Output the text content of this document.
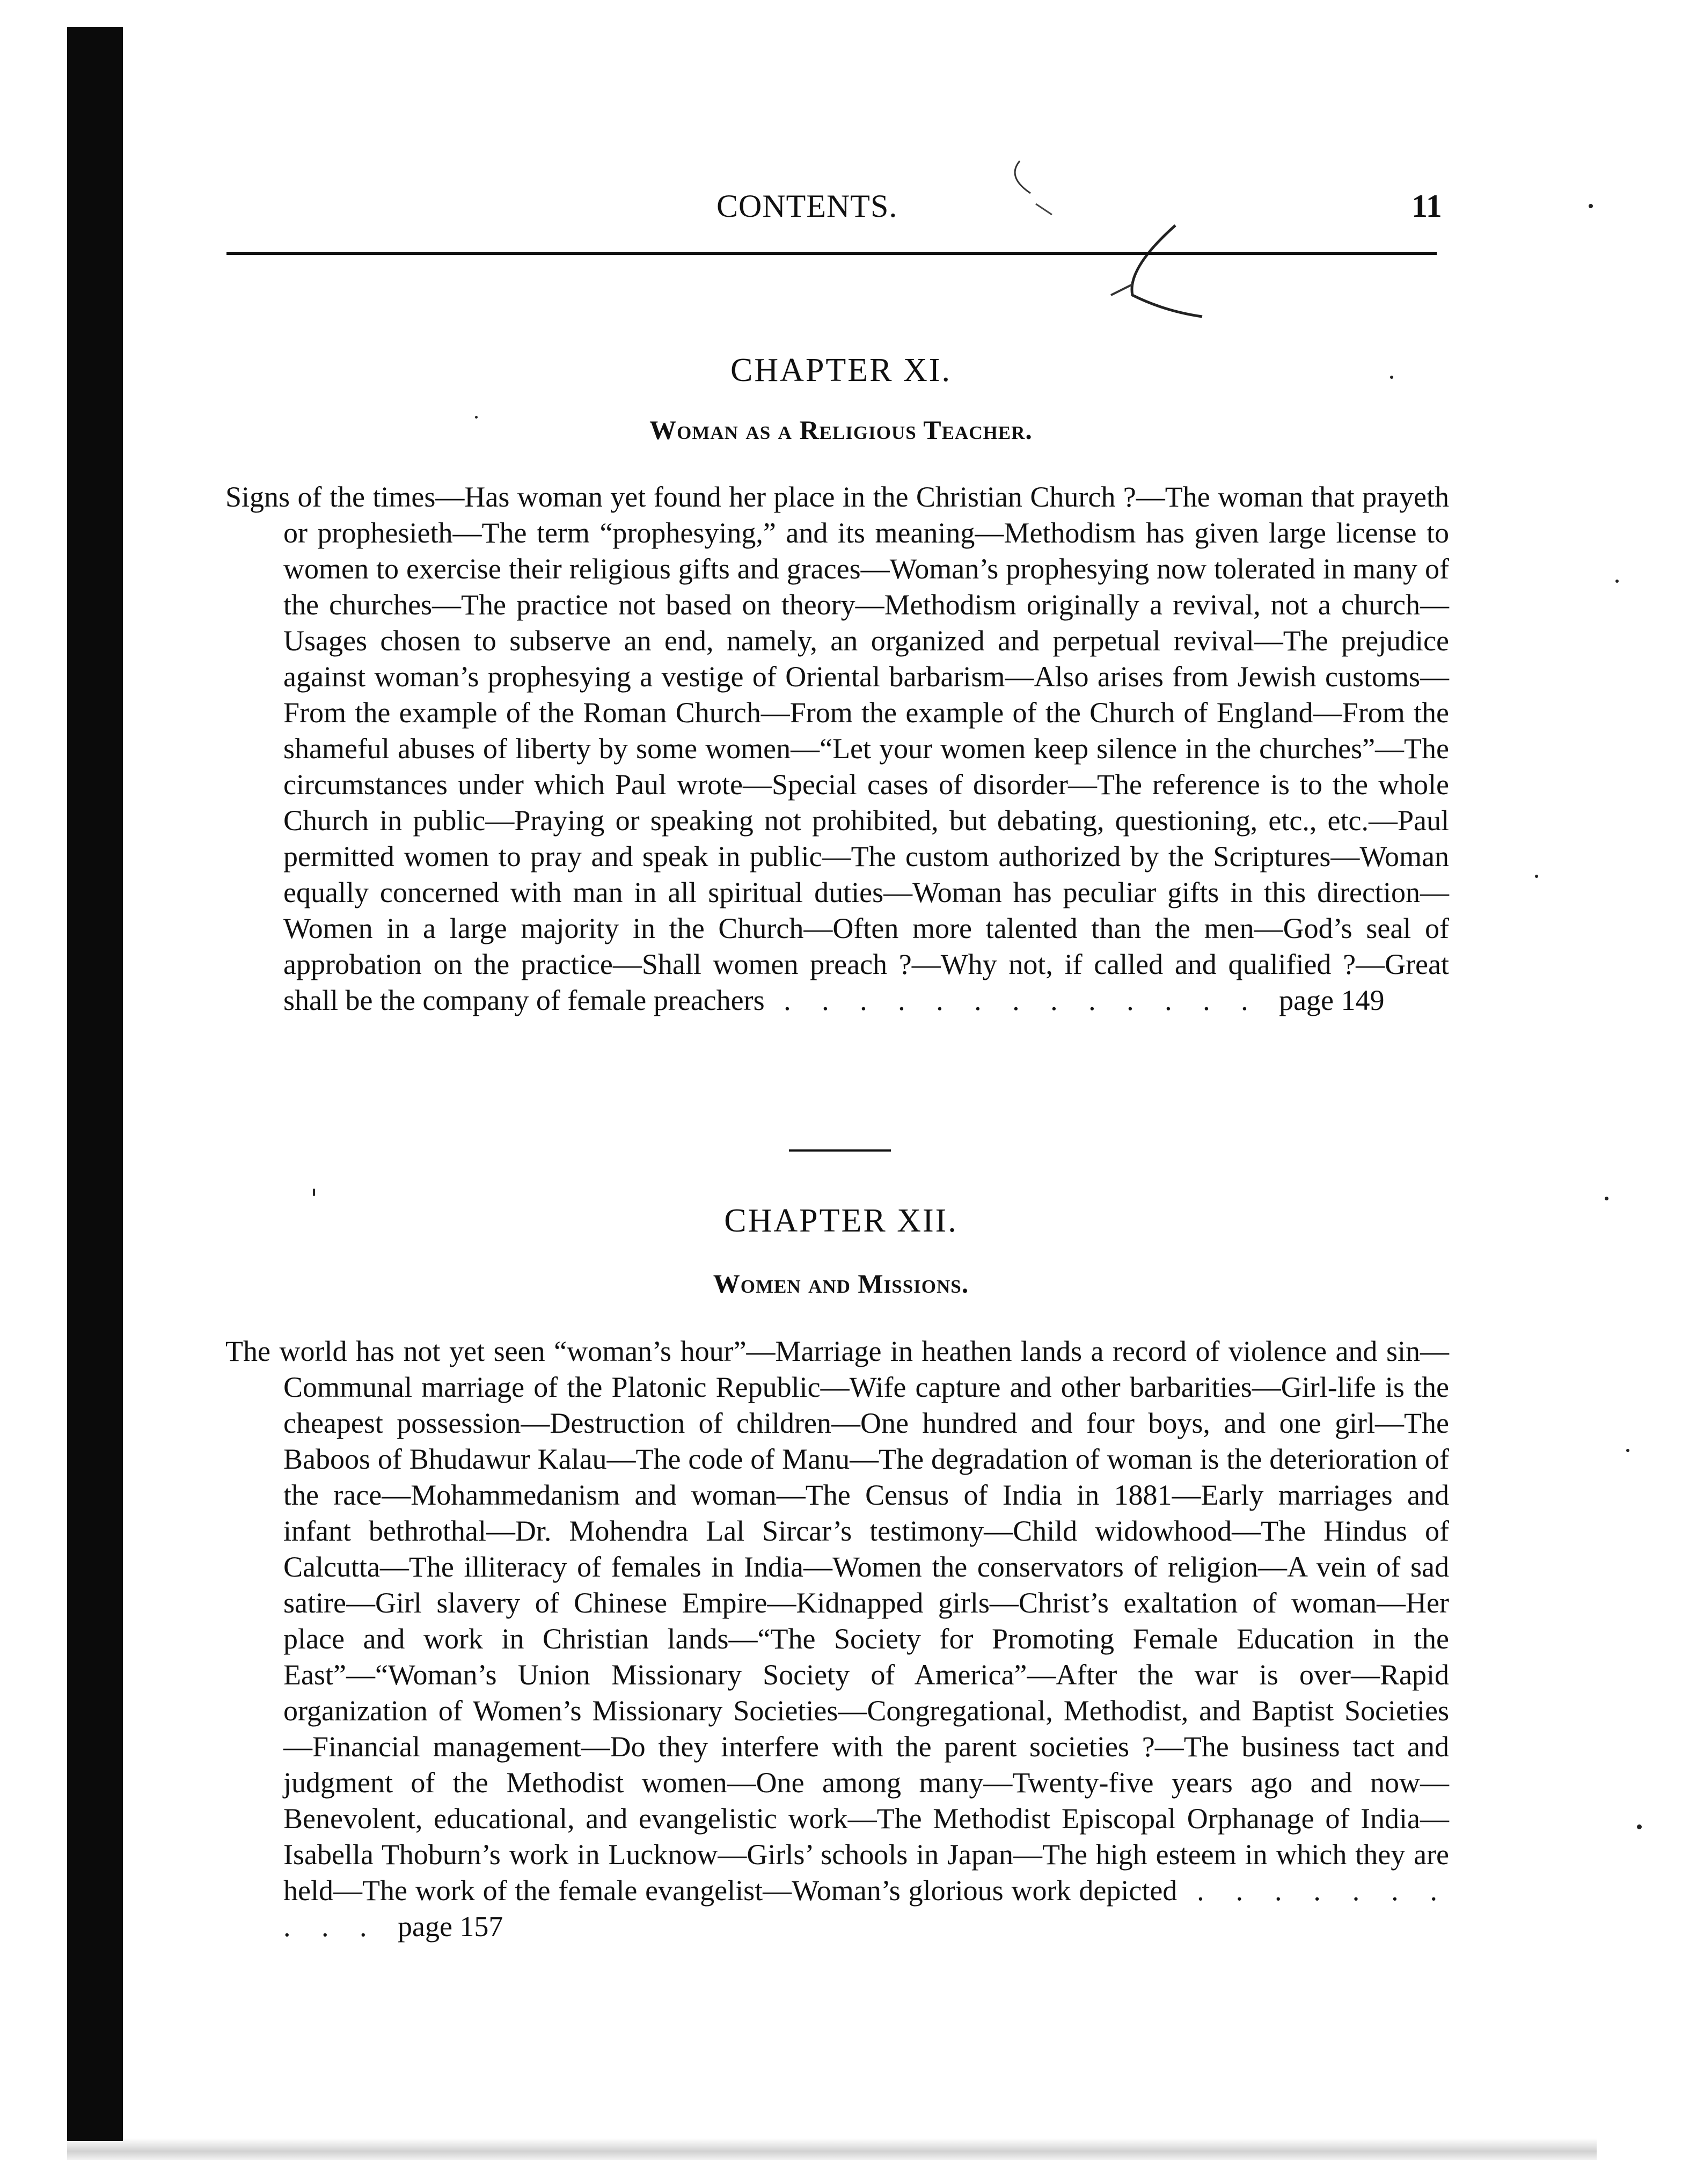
CONTENTS.	11
CHAPTER XI.
Woman as a Religious Teacher.
Signs of the times—Has woman yet found her place in the Christian Church ?—The woman that prayeth or prophesieth—The term “prophesying,” and its meaning—Methodism has given large license to women to exercise their religious gifts and graces—Woman’s prophesying now tolerated in many of the churches—The practice not based on theory—Methodism originally a revival, not a church—Usages chosen to subserve an end, namely, an organized and perpetual revival—The prejudice against woman’s prophesying a vestige of Oriental barbarism—Also arises from Jewish customs—From the example of the Roman Church—From the example of the Church of England—From the shameful abuses of liberty by some women—“Let your women keep silence in the churches”—The circumstances under which Paul wrote—Special cases of disorder—The reference is to the whole Church in public—Praying or speaking not prohibited, but debating, questioning, etc., etc.—Paul permitted women to pray and speak in public—The custom authorized by the Scriptures—Woman equally concerned with man in all spiritual duties—Woman has peculiar gifts in this direction—Women in a large majority in the Church—Often more talented than the men—God’s seal of approbation on the practice—Shall women preach ?—Why not, if called and qualified ?—Great shall be the company of female preachers . . . . . . . . . . . . . page 149
CHAPTER XII.
Women and Missions.
The world has not yet seen “woman’s hour”—Marriage in heathen lands a record of violence and sin—Communal marriage of the Platonic Republic—Wife capture and other barbarities—Girl-life is the cheapest possession—Destruction of children—One hundred and four boys, and one girl—The Baboos of Bhudawur Kalau—The code of Manu—The degradation of woman is the deterioration of the race—Mohammedanism and woman—The Census of India in 1881—Early marriages and infant bethrothal—Dr. Mohendra Lal Sircar’s testimony—Child widowhood—The Hindus of Calcutta—The illiteracy of females in India—Women the conservators of religion—A vein of sad satire—Girl slavery of Chinese Empire—Kidnapped girls—Christ’s exaltation of woman—Her place and work in Christian lands—“The Society for Promoting Female Education in the East”—“Woman’s Union Missionary Society of America”—After the war is over—Rapid organization of Women’s Missionary Societies—Congregational, Methodist, and Baptist Societies—Financial management—Do they interfere with the parent societies ?—The business tact and judgment of the Methodist women—One among many—Twenty-five years ago and now—Benevolent, educational, and evangelistic work—The Methodist Episcopal Orphanage of India—Isabella Thoburn’s work in Lucknow—Girls’ schools in Japan—The high esteem in which they are held—The work of the female evangelist—Woman’s glorious work depicted . . . . . . . . . . page 157
